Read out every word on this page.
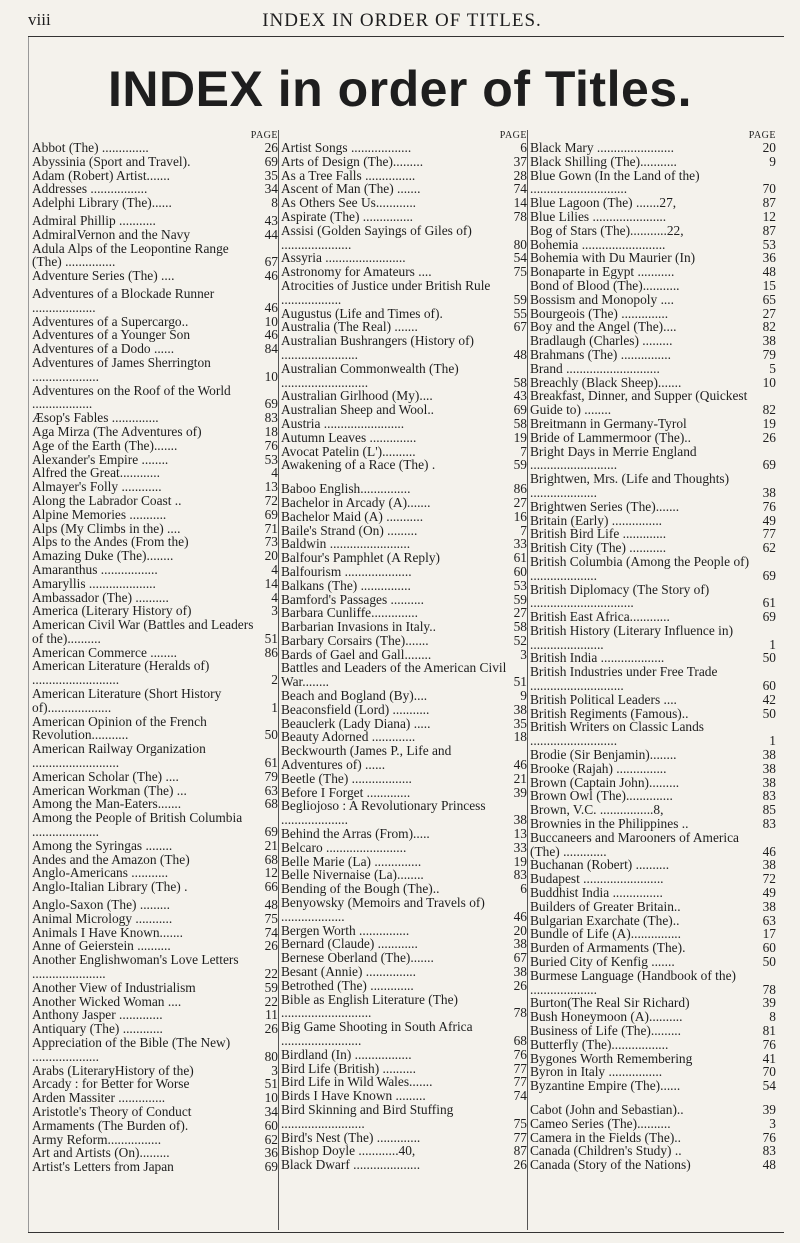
viii	INDEX IN ORDER OF TITLES.
INDEX in order of Titles.
PAGE
Abbot (The) ..............	26
Abyssinia (Sport and Travel).	69
Adam (Robert) Artist.......	35
Addresses .................	34
Adelphi Library (The)......	8
Admiral Phillip ...........	43
AdmiralVernon and the Navy	44
Adula Alps of the Leopontine Range (The) ...............	67
Adventure Series (The) ....	46
Adventures of a Blockade Runner ...................	46
Adventures of a Supercargo..	10
Adventures of a Younger Son	46
Adventures of a Dodo ......	84
Adventures of James Sherrington ....................	10
Adventures on the Roof of the World ..................	69
Æsop's Fables ..............	83
Aga Mirza (The Adventures of)	18
Age of the Earth (The).......	76
Alexander's Empire ........	53
Alfred the Great............	4
Almayer's Folly ............	13
Along the Labrador Coast ..	72
Alpine Memories ...........	69
Alps (My Climbs in the) ....	71
Alps to the Andes (From the)	73
Amazing Duke (The)........	20
Amaranthus .................	4
Amaryllis ....................	14
Ambassador (The) ..........	4
America (Literary History of)	3
American Civil War (Battles and Leaders of the)..........	51
American Commerce ........	86
American Literature (Heralds of) ..........................	2
American Literature (Short History of)...................	1
American Opinion of the French Revolution...........	50
American Railway Organization ..........................	61
American Scholar (The) ....	79
American Workman (The) ...	63
Among the Man-Eaters.......	68
Among the People of British Columbia ....................	69
Among the Syringas ........	21
Andes and the Amazon (The)	68
Anglo-Americans ...........	12
Anglo-Italian Library (The) .	66
Anglo-Saxon (The) .........	48
Animal Micrology ...........	75
Animals I Have Known.......	74
Anne of Geierstein ..........	26
Another Englishwoman's Love Letters ......................	22
Another View of Industrialism	59
Another Wicked Woman ....	22
Anthony Jasper .............	11
Antiquary (The) ............	26
Appreciation of the Bible (The New) ....................	80
Arabs (LiteraryHistory of the)	3
Arcady : for Better for Worse	51
Arden Massiter ..............	10
Aristotle's Theory of Conduct	34
Armaments (The Burden of).	60
Army Reform................	62
Art and Artists (On).........	36
Artist's Letters from Japan	69
PAGE
Artist Songs ..................	6
Arts of Design (The).........	37
As a Tree Falls ...............	28
Ascent of Man (The) .......	74
As Others See Us............	14
Aspirate (The) ...............	78
Assisi (Golden Sayings of Giles of) .....................	80
Assyria ........................	54
Astronomy for Amateurs ....	75
Atrocities of Justice under British Rule ..................	59
Augustus (Life and Times of).	55
Australia (The Real) .......	67
Australian Bushrangers (History of) .......................	48
Australian Commonwealth (The) ..........................	58
Australian Girlhood (My)....	43
Australian Sheep and Wool..	69
Austria ........................	58
Autumn Leaves ..............	19
Avocat Patelin (L')..........	7
Awakening of a Race (The) .	59
Baboo English...............	86
Bachelor in Arcady (A).......	27
Bachelor Maid (A) ...........	16
Baile's Strand (On) .........	7
Baldwin ........................	33
Balfour's Pamphlet (A Reply)	61
Balfourism ....................	60
Balkans (The) ...............	53
Bamford's Passages ..........	59
Barbara Cunliffe..............	27
Barbarian Invasions in Italy..	58
Barbary Corsairs (The).......	52
Bards of Gael and Gall........	3
Battles and Leaders of the American Civil War........	51
Beach and Bogland (By)....	9
Beaconsfield (Lord) ...........	38
Beauclerk (Lady Diana) .....	35
Beauty Adorned .............	18
Beckwourth (James P., Life and Adventures of) ......	46
Beetle (The) ..................	21
Before I Forget .............	39
Begliojoso : A Revolutionary Princess ....................	38
Behind the Arras (From).....	13
Belcaro ........................	33
Belle Marie (La) ..............	19
Belle Nivernaise (La)........	83
Bending of the Bough (The)..	6
Benyowsky (Memoirs and Travels of) ...................	46
Bergen Worth ...............	20
Bernard (Claude) ............	38
Bernese Oberland (The).......	67
Besant (Annie) ...............	38
Betrothed (The) .............	26
Bible as English Literature (The) ...........................	78
Big Game Shooting in South Africa ........................	68
Birdland (In) .................	76
Bird Life (British) ..........	77
Bird Life in Wild Wales.......	77
Birds I Have Known .........	74
Bird Skinning and Bird Stuffing .........................	75
Bird's Nest (The) .............	77
Bishop Doyle ............40,	87
Black Dwarf ....................	26
PAGE
Black Mary .......................	20
Black Shilling (The)...........	9
Blue Gown (In the Land of the) .............................	70
Blue Lagoon (The) .......27,	87
Blue Lilies ......................	12
Bog of Stars (The)...........22,	87
Bohemia .........................	53
Bohemia with Du Maurier (In)	36
Bonaparte in Egypt ...........	48
Bond of Blood (The)...........	15
Bossism and Monopoly ....	65
Bourgeois (The) ..............	27
Boy and the Angel (The)....	82
Bradlaugh (Charles) .........	38
Brahmans (The) ...............	79
Brand ............................	5
Breachly (Black Sheep).......	10
Breakfast, Dinner, and Supper (Quickest Guide to) ........	82
Breitmann in Germany-Tyrol	19
Bride of Lammermoor (The)..	26
Bright Days in Merrie England ..........................	69
Brightwen, Mrs. (Life and Thoughts) ....................	38
Brightwen Series (The).......	76
Britain (Early) ...............	49
British Bird Life .............	77
British City (The) ...........	62
British Columbia (Among the People of) ....................	69
British Diplomacy (The Story of) ...............................	61
British East Africa............	69
British History (Literary Influence in) ......................	1
British India ...................	50
British Industries under Free Trade ............................	60
British Political Leaders ....	42
British Regiments (Famous)..	50
British Writers on Classic Lands ..........................	1
Brodie (Sir Benjamin)........	38
Brooke (Rajah) ...............	38
Brown (Captain John).........	38
Brown Owl (The)..............	83
Brown, V.C. ................8,	85
Brownies in the Philippines ..	83
Buccaneers and Marooners of America (The) .............	46
Buchanan (Robert) ..........	38
Budapest ........................	72
Buddhist India ...............	49
Builders of Greater Britain..	38
Bulgarian Exarchate (The)..	63
Bundle of Life (A)...............	17
Burden of Armaments (The).	60
Buried City of Kenfig .......	50
Burmese Language (Handbook of the) ....................	78
Burton(The Real Sir Richard)	39
Bush Honeymoon (A)..........	8
Business of Life (The).........	81
Butterfly (The).................	76
Bygones Worth Remembering	41
Byron in Italy ................	70
Byzantine Empire (The)......	54
Cabot (John and Sebastian)..	39
Cameo Series (The)..........	3
Camera in the Fields (The)..	76
Canada (Children's Study) ..	83
Canada (Story of the Nations)	48
